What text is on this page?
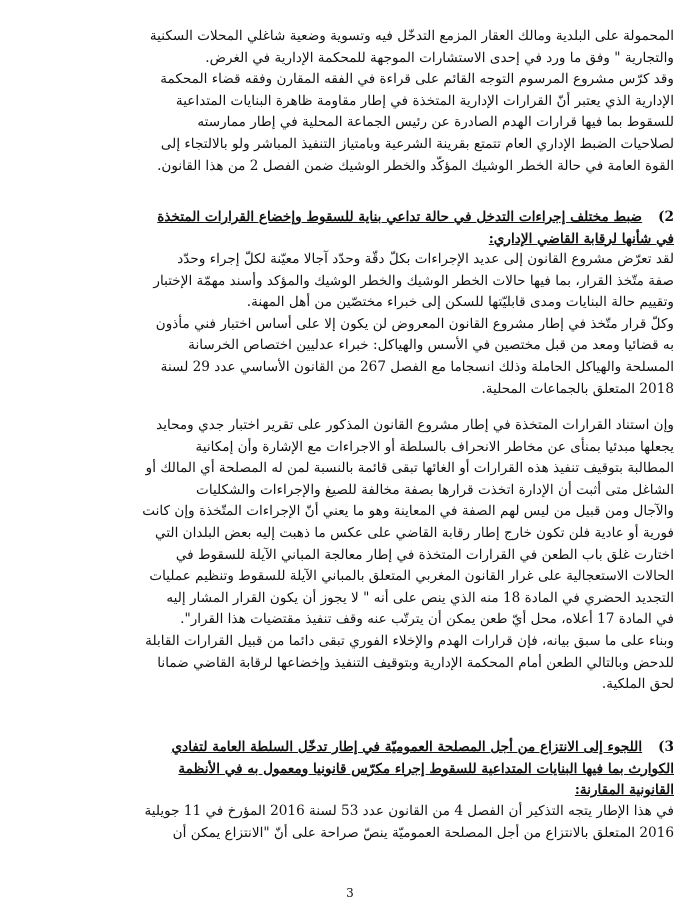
المحمولة على البلدية ومالك العقار المزمع التدخّل فيه وتسوية وضعية شاغلي المحلات السكنية
والتجارية " وفق ما ورد في إحدى الاستشارات الموجهة للمحكمة الإدارية في الغرض.
وقد كرّس مشروع المرسوم التوجه القائم على قراءة في الفقه المقارن وفقه قضاء المحكمة
الإدارية الذي يعتبر أنّ القرارات الإدارية المتخذة في إطار مقاومة ظاهرة البنايات المتداعية
للسقوط بما فيها قرارات الهدم الصادرة عن رئيس الجماعة المحلية في إطار ممارسته
لصلاحيات الضبط الإداري العام تتمتع بقرينة الشرعية وبامتياز التنفيذ المباشر ولو بالالتجاء إلى
القوة العامة في حالة الخطر الوشيك المؤكّد والخطر الوشيك ضمن الفصل 2 من هذا القانون.
2)ضبط مختلف إجراءات التدخل في حالة تداعي بناية للسقوط وإخضاع القرارات المتخذة
في شأنها لرقابة القاضي الإداري:
لقد تعرّض مشروع القانون إلى عديد الإجراءات بكلّ دقّة وحدّد آجالا معيّنة لكلّ إجراء وحدّد
صفة متّخذ القرار، بما فيها حالات الخطر الوشيك والخطر الوشيك والمؤكد وأسند مهمّة الإختبار
وتقييم حالة البنايات ومدى قابليّتها للسكن إلى خبراء مختصّين من أهل المهنة.
وكلّ قرار متّخذ في إطار مشروع القانون المعروض لن يكون إلا على أساس اختبار فني مأذون
به قضائيا ومعد من قبل مختصين في الأسس والهياكل: خبراء عدليين اختصاص الخرسانة
المسلحة والهياكل الحاملة وذلك انسجاما مع الفصل 267 من القانون الأساسي عدد 29 لسنة
2018 المتعلق بالجماعات المحلية.
وإن استناد القرارات المتخذة في إطار مشروع القانون المذكور على تقرير اختبار جدي ومحايد
يجعلها مبدئيا بمنأى عن مخاطر الانحراف بالسلطة أو الاجراءات مع الإشارة وأن إمكانية
المطالبة بتوقيف تنفيذ هذه القرارات أو الغائها تبقى قائمة بالنسبة لمن له المصلحة أي المالك أو
الشاغل متى أثبت أن الإدارة اتخذت قرارها بصفة مخالفة للصيغ والإجراءات والشكليات
والآجال ومن قبيل من ليس لهم الصفة في المعاينة وهو ما يعني أنّ الإجراءات المتّخذة وإن كانت
فورية أو عادية فلن تكون خارج إطار رقابة القاضي على عكس ما ذهبت إليه بعض البلدان التي
اختارت غلق باب الطعن في القرارات المتخذة في إطار معالجة المباني الآيلة للسقوط في
الحالات الاستعجالية على غرار القانون المغربي المتعلق بالمباني الآيلة للسقوط وتنظيم عمليات
التجديد الحضري في المادة 18 منه الذي ينص على أنه " لا يجوز أن يكون القرار المشار إليه
في المادة 17 أعلاه، محل أيّ طعن يمكن أن يترتّب عنه وقف تنفيذ مقتضيات هذا القرار".
وبناء على ما سبق بيانه، فإن قرارات الهدم والإخلاء الفوري تبقى دائما من قبيل القرارات القابلة
للدحض وبالتالي الطعن أمام المحكمة الإدارية وبتوقيف التنفيذ وإخضاعها لرقابة القاضي ضمانا
لحق الملكية.
3)اللجوء إلى الانتزاع من أجل المصلحة العموميّة في إطار تدخّل السلطة العامة لتفادي
الكوارث بما فيها البنايات المتداعية للسقوط إجراء مكرّس قانونيا ومعمول به في الأنظمة
القانونية المقارنة:
في هذا الإطار يتجه التذكير أن الفصل 4 من القانون عدد 53 لسنة 2016 المؤرخ في 11 جويلية
2016 المتعلق بالانتزاع من أجل المصلحة العموميّة ينصّ صراحة على أنّ "الانتزاع يمكن أن
3
